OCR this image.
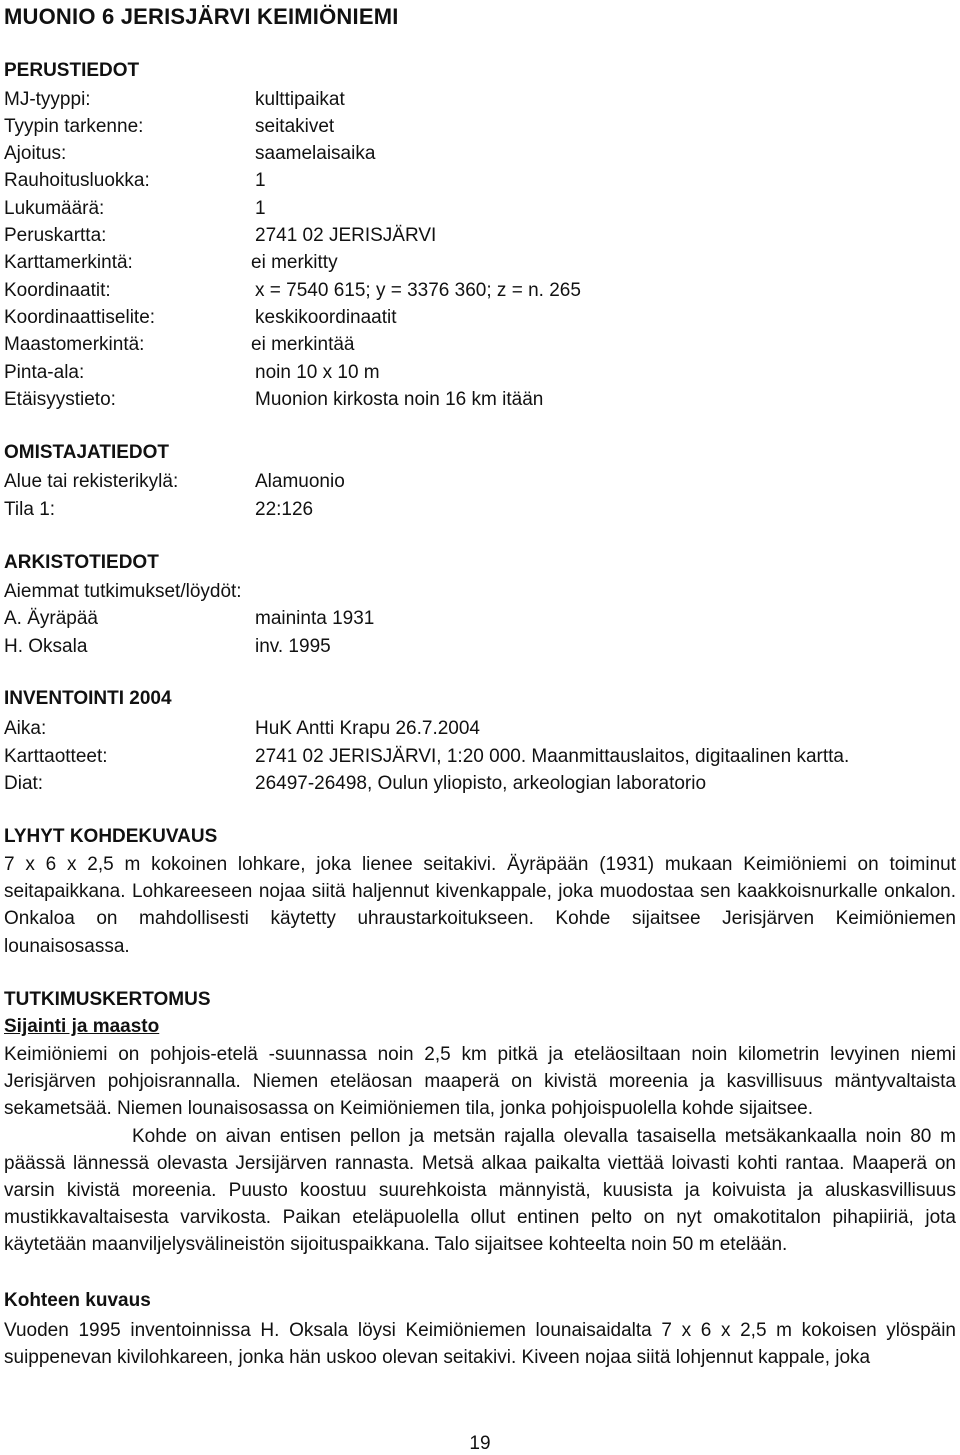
MUONIO 6 JERISJÄRVI KEIMIÖNIEMI
PERUSTIEDOT
MJ-tyyppi:	kulttipaikat
Tyypin tarkenne:	seitakivet
Ajoitus:	saamelaisaika
Rauhoitusluokka:	1
Lukumäärä:	1
Peruskartta:	2741 02 JERISJÄRVI
Karttamerkintä:	ei merkitty
Koordinaatit:	x = 7540 615; y = 3376 360; z = n. 265
Koordinaattiselite:	keskikoordinaatit
Maastomerkintä:	ei merkintää
Pinta-ala:	noin 10 x 10 m
Etäisyystieto:	Muonion kirkosta noin 16 km itään
OMISTAJATIEDOT
Alue tai rekisterikylä:	Alamuonio
Tila 1:	22:126
ARKISTOTIEDOT
Aiemmat tutkimukset/löydöt:
A. Äyräpää	maininta 1931
H. Oksala	inv. 1995
INVENTOINTI 2004
Aika:	HuK Antti Krapu 26.7.2004
Karttaotteet:	2741 02 JERISJÄRVI, 1:20 000. Maanmittauslaitos, digitaalinen kartta.
Diat:	26497-26498, Oulun yliopisto, arkeologian laboratorio
LYHYT KOHDEKUVAUS

7 x 6 x 2,5 m kokoinen lohkare, joka lienee seitakivi. Äyräpään (1931) mukaan Keimiöniemi on toiminut seitapaikkana. Lohkareeseen nojaa siitä haljennut kivenkappale, joka muodostaa sen kaakkoisnurkalle onkalon. Onkaloa on mahdollisesti käytetty uhraustarkoitukseen. Kohde sijaitsee Jerisjärven Keimiöniemen lounaisosassa.

TUTKIMUSKERTOMUS
Sijainti ja maasto

Keimiöniemi on pohjois-etelä -suunnassa noin 2,5 km pitkä ja eteläosiltaan noin kilometrin levyinen niemi Jerisjärven pohjoisrannalla. Niemen eteläosan maaperä on kivistä moreenia ja kasvillisuus mäntyvaltaista sekametsää. Niemen lounaisosassa on Keimiöniemen tila, jonka pohjoispuolella kohde sijaitsee.

Kohde on aivan entisen pellon ja metsän rajalla olevalla tasaisella metsäkankaalla noin 80 m päässä lännessä olevasta Jersijärven rannasta. Metsä alkaa paikalta viettää loivasti kohti rantaa. Maaperä on varsin kivistä moreenia. Puusto koostuu suurehkoista männyistä, kuusista ja koivuista ja aluskasvillisuus mustikkavaltaisesta varvikosta. Paikan eteläpuolella ollut entinen pelto on nyt omakotitalon pihapiiriä, jota käytetään maanviljelysvälineistön sijoituspaikkana. Talo sijaitsee kohteelta noin 50 m etelään.

Kohteen kuvaus

Vuoden 1995 inventoinnissa H. Oksala löysi Keimiöniemen lounaisaidalta 7 x 6 x 2,5 m kokoisen ylöspäin suippenevan kivilohkareen, jonka hän uskoo olevan seitakivi. Kiveen nojaa siitä lohjennut kappale, joka

19
